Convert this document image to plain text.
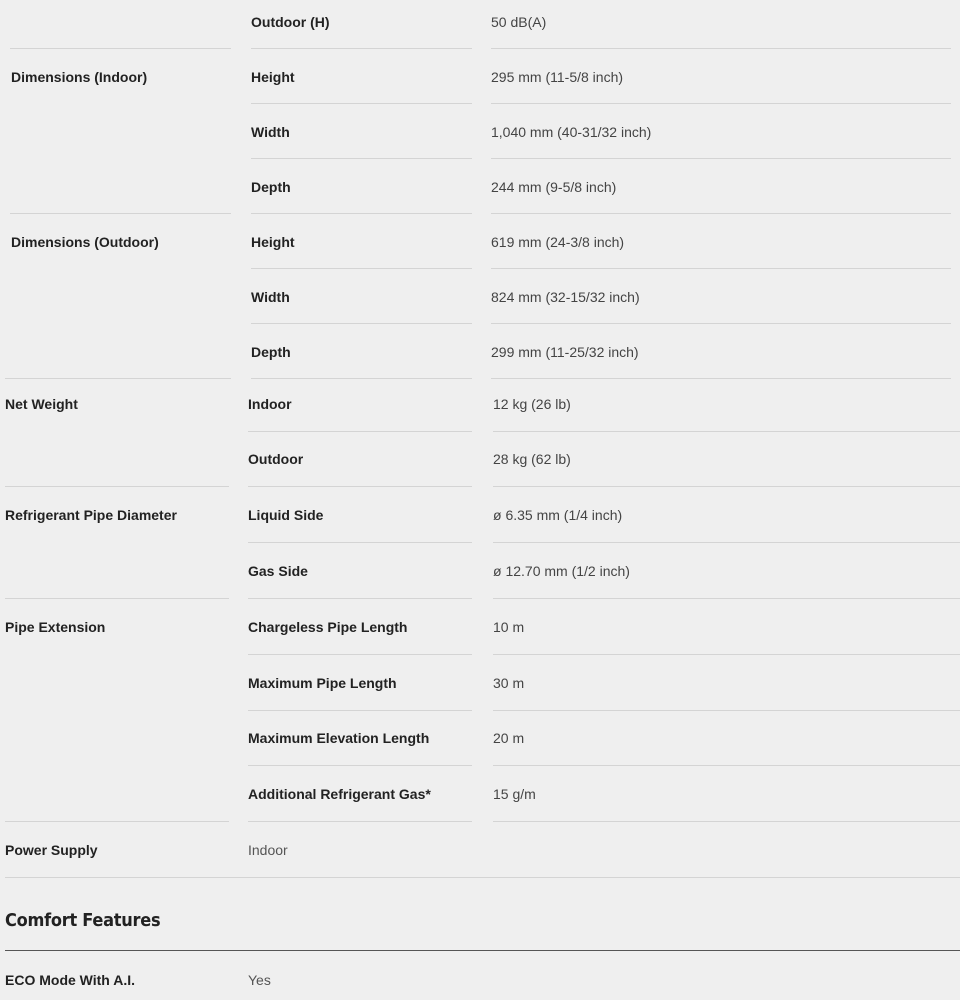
Outdoor (H)	50 dB(A)
Dimensions (Indoor)	Height	295 mm (11-5/8 inch)
Width	1,040 mm (40-31/32 inch)
Depth	244 mm (9-5/8 inch)
Dimensions (Outdoor)	Height	619 mm (24-3/8 inch)
Width	824 mm (32-15/32 inch)
Depth	299 mm (11-25/32 inch)
Net Weight	Indoor	12 kg (26 lb)
Outdoor	28 kg (62 lb)
Refrigerant Pipe Diameter	Liquid Side	ø 6.35 mm (1/4 inch)
Gas Side	ø 12.70 mm (1/2 inch)
Pipe Extension	Chargeless Pipe Length	10 m
Maximum Pipe Length	30 m
Maximum Elevation Length	20 m
Additional Refrigerant Gas*	15 g/m
Power Supply	Indoor
Comfort Features
ECO Mode With A.I.	Yes
